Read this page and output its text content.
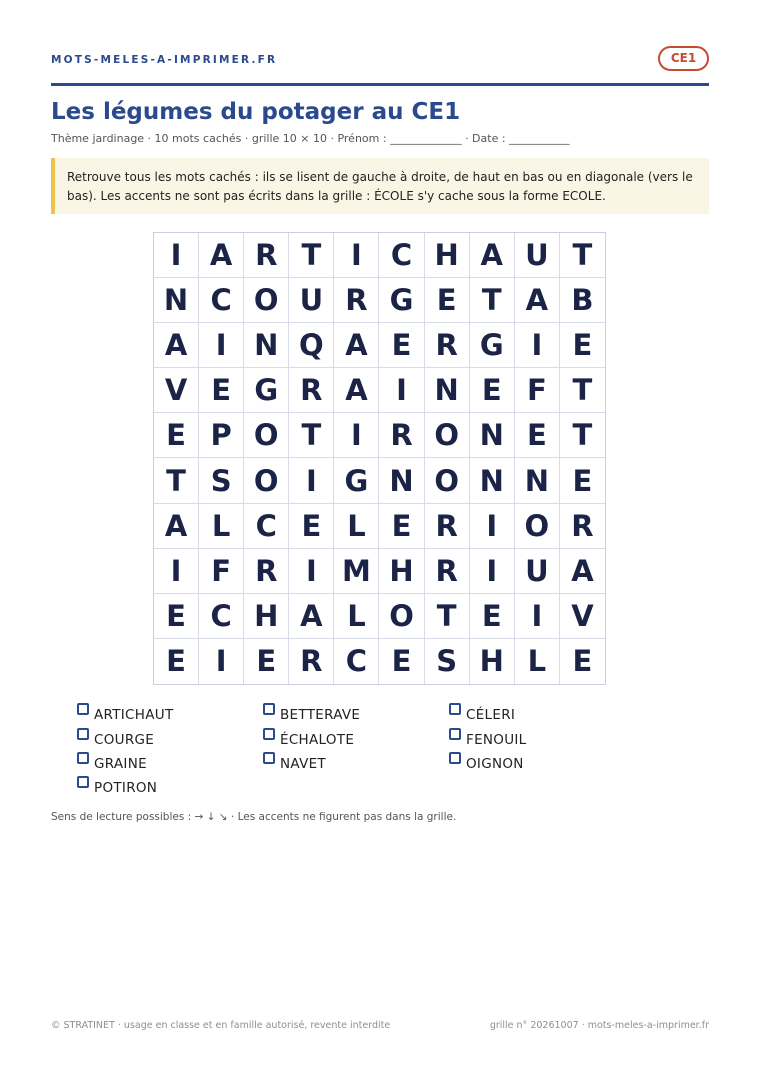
MOTS-MELES-A-IMPRIMER.FR	CE1
Les légumes du potager au CE1
Thème jardinage · 10 mots cachés · grille 10 × 10 · Prénom : _____________ · Date : ___________
Retrouve tous les mots cachés : ils se lisent de gauche à droite, de haut en bas ou en diagonale (vers le bas). Les accents ne sont pas écrits dans la grille : ÉCOLE s'y cache sous la forme ECOLE.
I A R T	I	C H A U T
N C O U R G E T A B
A I N Q A E R G I	E
V E G R A I N E F T
E P O T	I R O N E T
T S O I G N O N N E
A L C E L E R I O R
I	F R I M H R I U A
E C H A L O T E	I V
E	I	E R C E S H L E
ARTICHAUT
COURGE
GRAINE
POTIRON
BETTERAVE
ÉCHALOTE
NAVET
CÉLERI
FENOUIL
OIGNON
Sens de lecture possibles : → ↓ ↘ · Les accents ne figurent pas dans la grille.
© STRATINET · usage en classe et en famille autorisé, revente interdite	grille n° 20261007 · mots-meles-a-imprimer.fr
